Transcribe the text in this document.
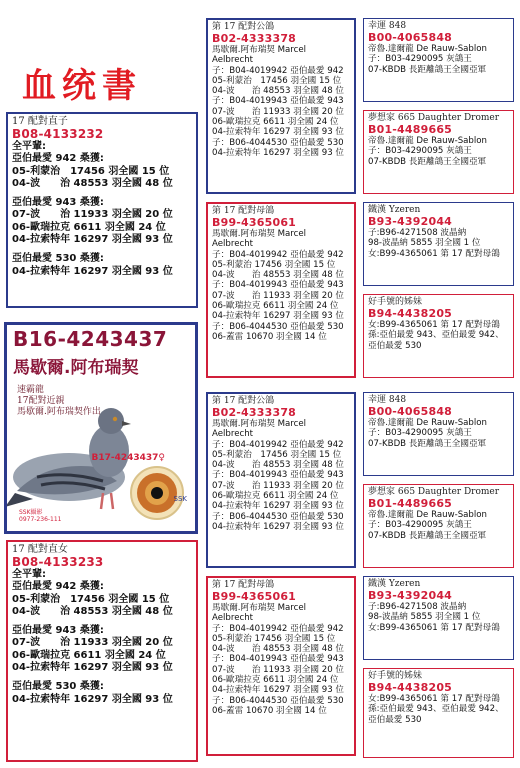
血统書
17 配對直子
B08-4133232
全平輩:
亞伯最愛 942 桑獲:
05-利蒙治　17456 羽全國 15 位
04-波　　治 48553 羽全國 48 位
亞伯最愛 943 桑獲:
07-波　　治 11933 羽全國 20 位
06-歐瑞拉克 6611 羽全國 24 位
04-拉索特年 16297 羽全國 93 位
亞伯最愛 530 桑獲:
04-拉索特年 16297 羽全國 93 位
B16-4243437
馬歇爾.阿布瑞契
速霸龍
17配對近親
馬歇爾.阿布瑞契作出
B17-4243437♀
SSK
SSK攝影
0977-236-111
17 配對直女
B08-4133233
全平輩:
亞伯最愛 942 桑獲:
05-利蒙治　17456 羽全國 15 位
04-波　　治 48553 羽全國 48 位
亞伯最愛 943 桑獲:
07-波　　治 11933 羽全國 20 位
06-歐瑞拉克 6611 羽全國 24 位
04-拉索特年 16297 羽全國 93 位
亞伯最愛 530 桑獲:
04-拉索特年 16297 羽全國 93 位
第 17 配對公鴿
B02-4333378
馬歇爾.阿布瑞契 Marcel
Aelbrecht
子：B04-4019942 亞伯最愛 942
05-利蒙治　17456 羽全國 15 位
04-波　　治 48553 羽全國 48 位
子：B04-4019943 亞伯最愛 943
07-波　　治 11933 羽全國 20 位
06-歐瑞拉克 6611 羽全國 24 位
04-拉索特年 16297 羽全國 93 位
子：B06-4044530 亞伯最愛 530
04-拉索特年 16297 羽全國 93 位
第 17 配對母鴿
B99-4365061
馬歇爾.阿布瑞契 Marcel
Aelbrecht
子：B04-4019942 亞伯最愛 942
05-利蒙治 17456 羽全國 15 位
04-波　　治 48553 羽全國 48 位
子：B04-4019943 亞伯最愛 943
07-波　　治 11933 羽全國 20 位
06-歐瑞拉克 6611 羽全國 24 位
04-拉索特年 16297 羽全國 93 位
子：B06-4044530 亞伯最愛 530
06-蓋雷 10670 羽全國 14 位
第 17 配對公鴿
B02-4333378
馬歇爾.阿布瑞契 Marcel
Aelbrecht
子：B04-4019942 亞伯最愛 942
05-利蒙治　17456 羽全國 15 位
04-波　　治 48553 羽全國 48 位
子：B04-4019943 亞伯最愛 943
07-波　　治 11933 羽全國 20 位
06-歐瑞拉克 6611 羽全國 24 位
04-拉索特年 16297 羽全國 93 位
子：B06-4044530 亞伯最愛 530
04-拉索特年 16297 羽全國 93 位
第 17 配對母鴿
B99-4365061
馬歇爾.阿布瑞契 Marcel
Aelbrecht
子：B04-4019942 亞伯最愛 942
05-利蒙治 17456 羽全國 15 位
04-波　　治 48553 羽全國 48 位
子：B04-4019943 亞伯最愛 943
07-波　　治 11933 羽全國 20 位
06-歐瑞拉克 6611 羽全國 24 位
04-拉索特年 16297 羽全國 93 位
子：B06-4044530 亞伯最愛 530
06-蓋雷 10670 羽全國 14 位
幸運 848
B00-4065848
帝魯.達爾龍 De Rauw-Sablon
子：B03-4290095 灰鴿王
07-KBDB 長距離鴿王全國亞軍
夢想家 665 Daughter Dromer
B01-4489665
帝魯.達爾龍 De Rauw-Sablon
子：B03-4290095 灰鴿王
07-KBDB 長距離鴿王全國亞軍
鐵漢 Yzeren
B93-4392044
子:B96-4271508 波晶納
98-波晶納 5855 羽全國 1 位
女:B99-4365061 第 17 配對母鴿
好手號的姊妹
B94-4438205
女:B99-4365061 第 17 配對母鴿
孫:亞伯最愛 943、亞伯最愛 942、
亞伯最愛 530
幸運 848
B00-4065848
帝魯.達爾龍 De Rauw-Sablon
子：B03-4290095 灰鴿王
07-KBDB 長距離鴿王全國亞軍
夢想家 665 Daughter Dromer
B01-4489665
帝魯.達爾龍 De Rauw-Sablon
子：B03-4290095 灰鴿王
07-KBDB 長距離鴿王全國亞軍
鐵漢 Yzeren
B93-4392044
子:B96-4271508 波晶納
98-波晶納 5855 羽全國 1 位
女:B99-4365061 第 17 配對母鴿
好手號的姊妹
B94-4438205
女:B99-4365061 第 17 配對母鴿
孫:亞伯最愛 943、亞伯最愛 942、
亞伯最愛 530
